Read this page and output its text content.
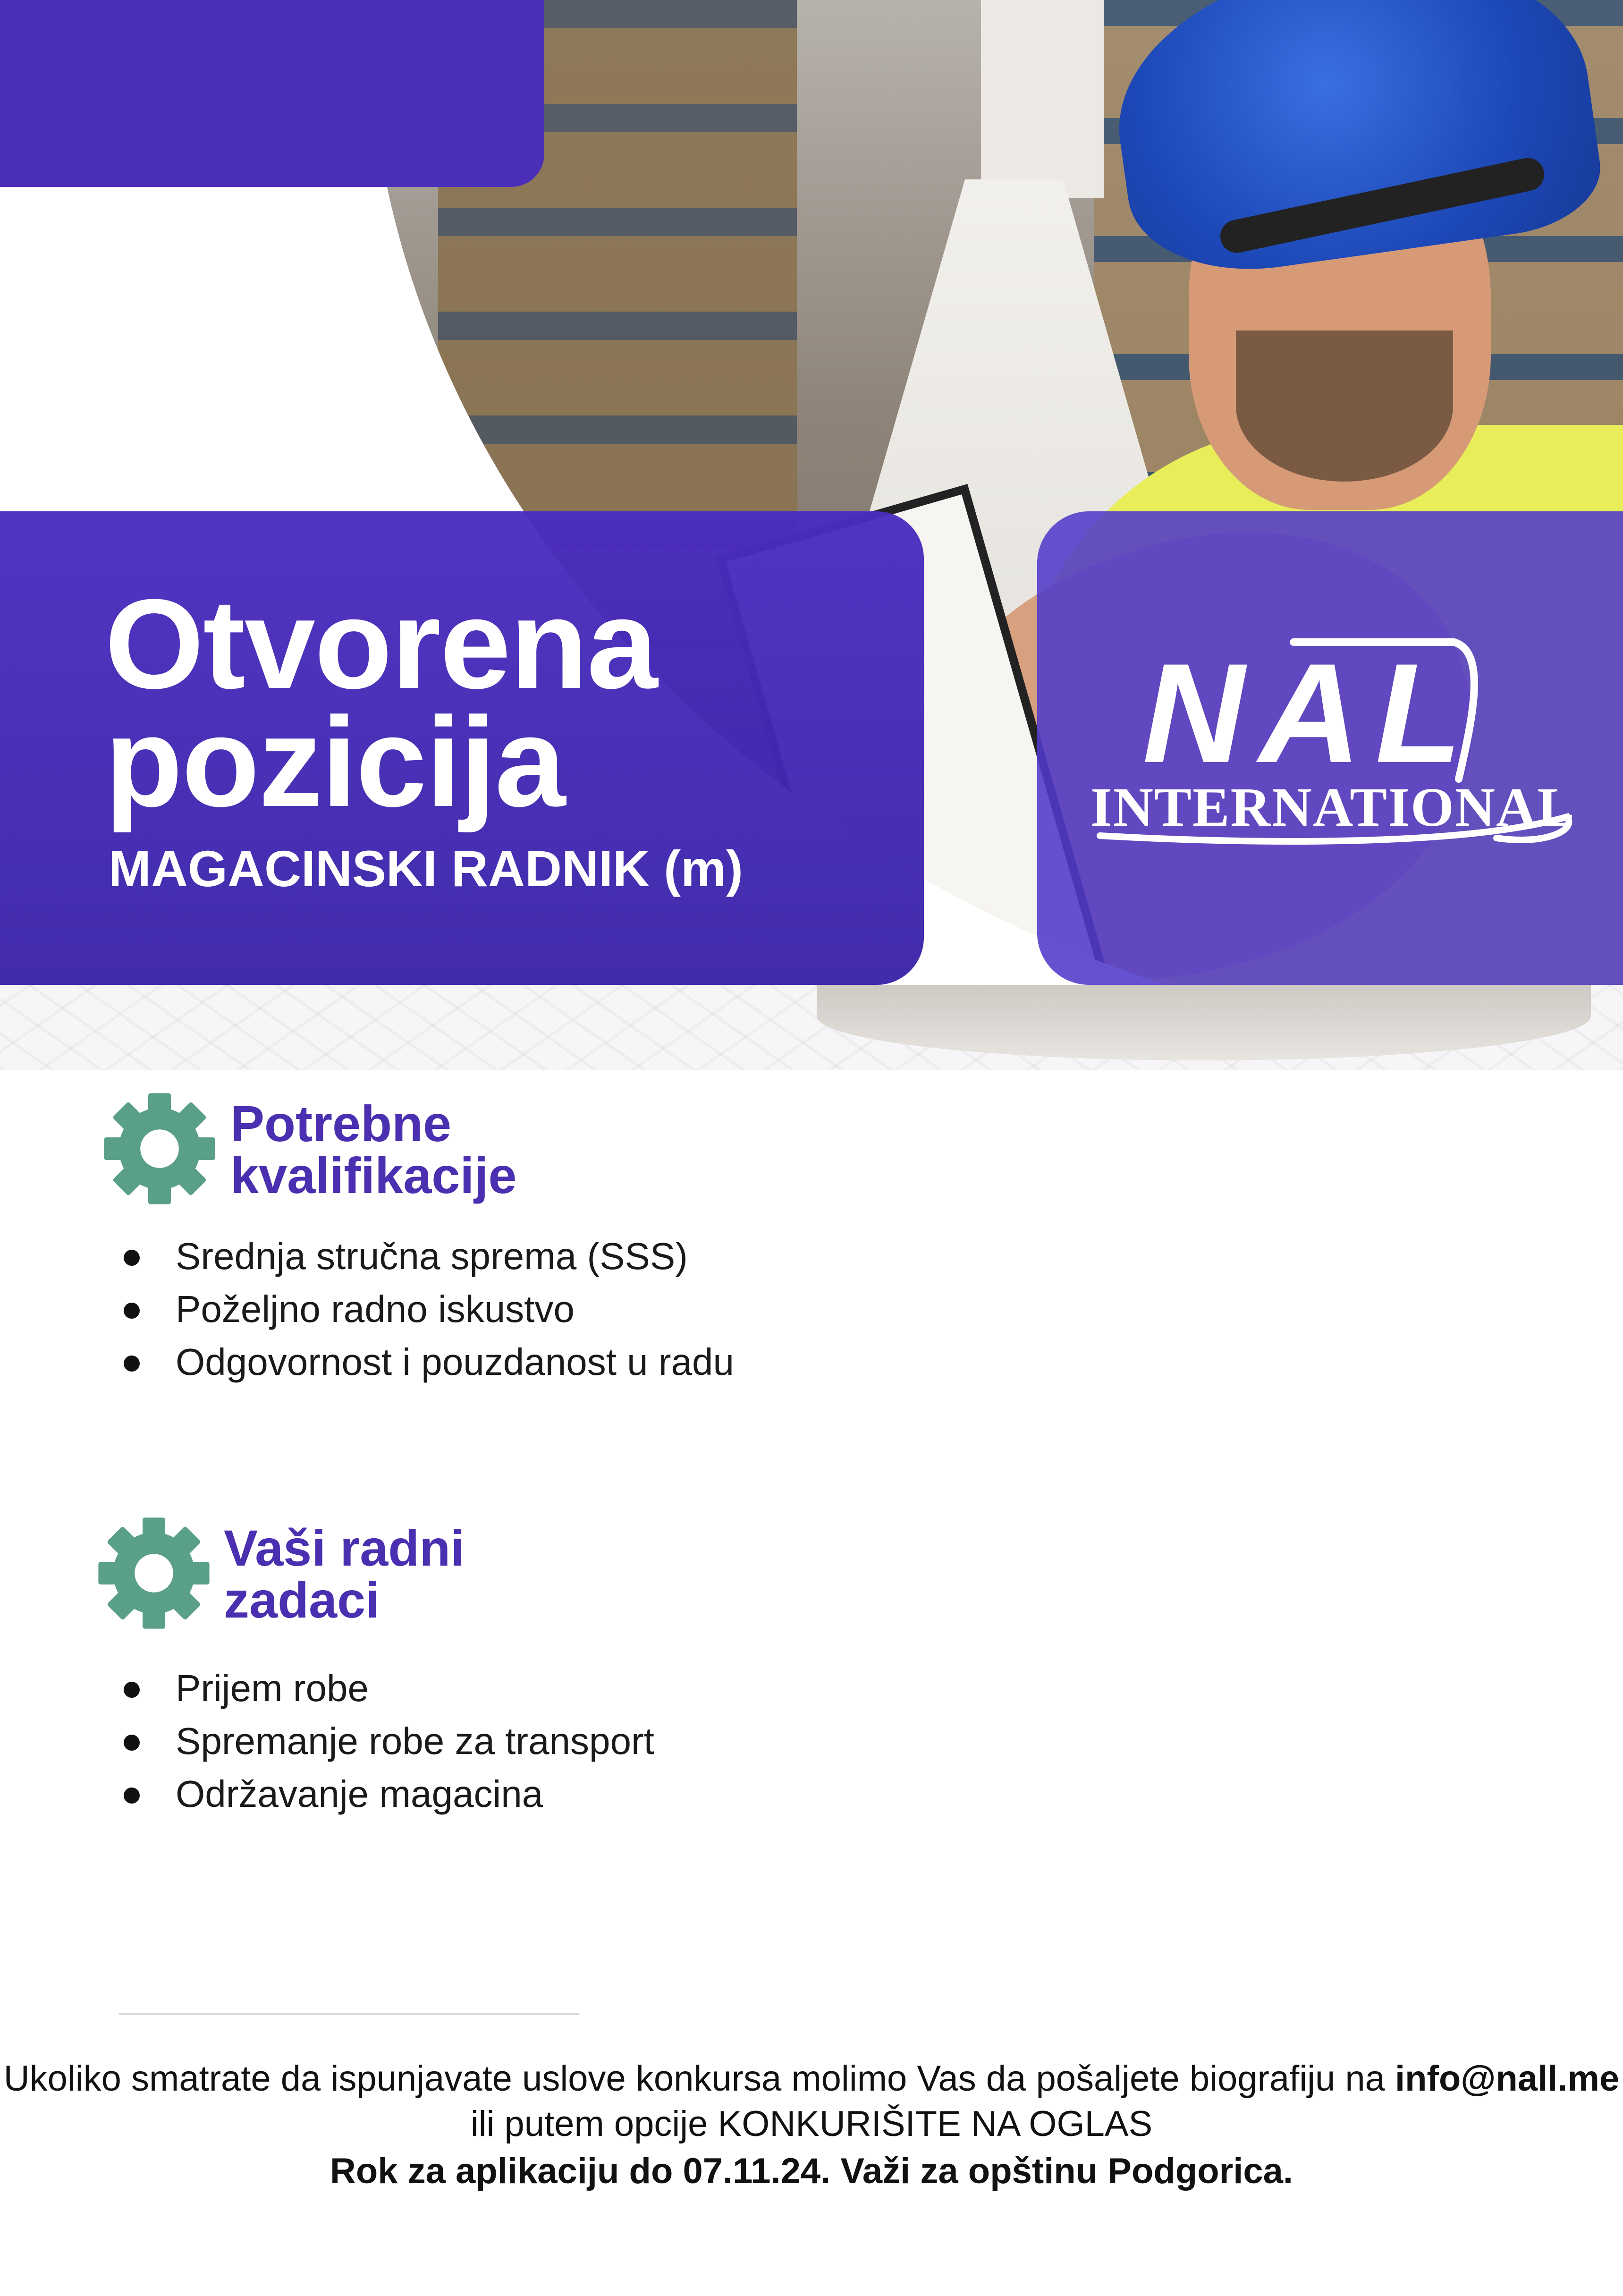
Otvorena
pozicija
MAGACINSKI RADNIK (m)
NAL
INTERNATIONAL

Potrebne

kvalifikacije

Srednja stručna sprema (SSS)
Poželjno radno iskustvo
Odgovornost i pouzdanost u radu

Vaši radni

zadaci

Prijem robe
Spremanje robe za transport
Održavanje magacina

Ukoliko smatrate da ispunjavate uslove konkursa molimo Vas da pošaljete biografiju na info@nall.me

ili putem opcije KONKURIŠITE NA OGLAS

Rok za aplikaciju do 07.11.24. Važi za opštinu Podgorica.
